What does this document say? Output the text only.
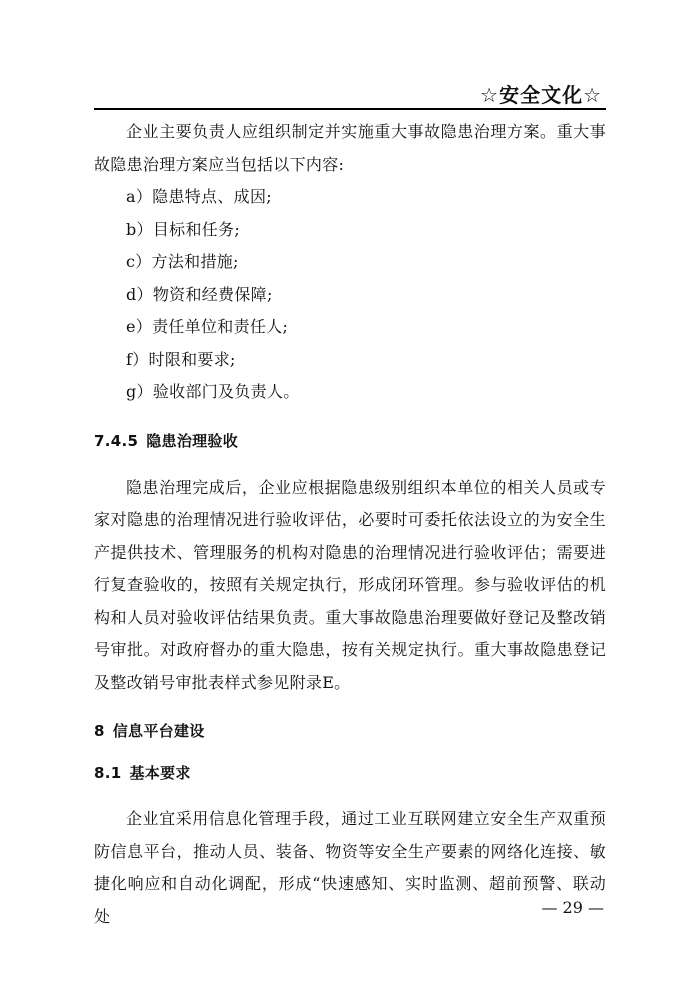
☆安全文化☆

企业主要负责人应组织制定并实施重大事故隐患治理方案。重大事故隐患治理方案应当包括以下内容:

a）隐患特点、成因;
b）目标和任务;
c）方法和措施;
d）物资和经费保障;
e）责任单位和责任人;
f）时限和要求;
g）验收部门及负责人。
7.4.5 隐患治理验收

隐患治理完成后，企业应根据隐患级别组织本单位的相关人员或专家对隐患的治理情况进行验收评估，必要时可委托依法设立的为安全生产提供技术、管理服务的机构对隐患的治理情况进行验收评估；需要进行复查验收的，按照有关规定执行，形成闭环管理。参与验收评估的机构和人员对验收评估结果负责。重大事故隐患治理要做好登记及整改销号审批。对政府督办的重大隐患，按有关规定执行。重大事故隐患登记及整改销号审批表样式参见附录E。

8 信息平台建设
8.1 基本要求

企业宜采用信息化管理手段，通过工业互联网建立安全生产双重预防信息平台，推动人员、装备、物资等安全生产要素的网络化连接、敏捷化响应和自动化调配，形成“快速感知、实时监测、超前预警、联动处	— 29 —
